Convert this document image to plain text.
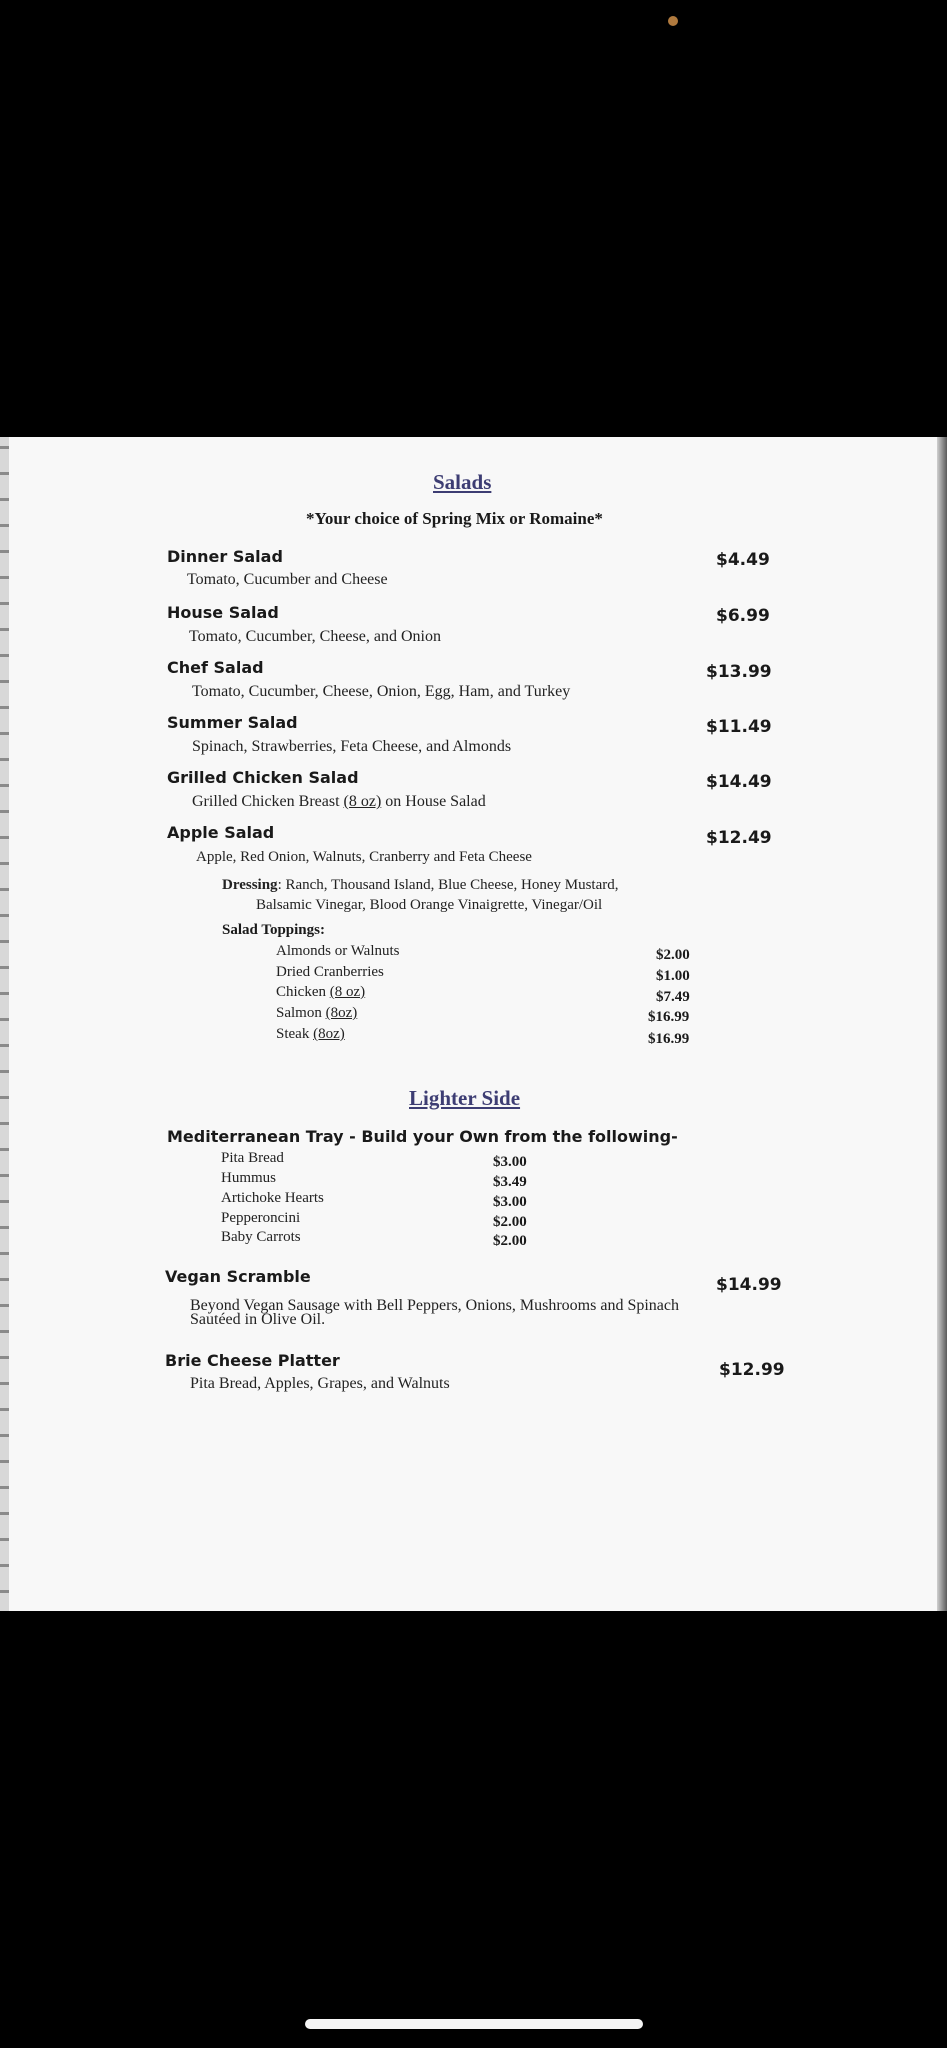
Salads
*Your choice of Spring Mix or Romaine*
Dinner Salad
Tomato, Cucumber and Cheese
$4.49
House Salad
Tomato, Cucumber, Cheese, and Onion
$6.99
Chef Salad
Tomato, Cucumber, Cheese, Onion, Egg, Ham, and Turkey
$13.99
Summer Salad
Spinach, Strawberries, Feta Cheese, and Almonds
$11.49
Grilled Chicken Salad
Grilled Chicken Breast (8 oz) on House Salad
$14.49
Apple Salad
Apple, Red Onion, Walnuts, Cranberry and Feta Cheese
$12.49
Dressing: Ranch, Thousand Island, Blue Cheese, Honey Mustard,
Balsamic Vinegar, Blood Orange Vinaigrette, Vinegar/Oil
Salad Toppings:
Almonds or Walnuts	$2.00
Dried Cranberries	$1.00
Chicken (8 oz)	$7.49
Salmon (8oz)	$16.99
Steak (8oz)	$16.99
Lighter Side
Mediterranean Tray - Build your Own from the following-
Pita Bread	$3.00
Hummus	$3.49
Artichoke Hearts	$3.00
Pepperoncini	$2.00
Baby Carrots	$2.00
Vegan Scramble
Beyond Vegan Sausage with Bell Peppers, Onions, Mushrooms and Spinach
Sautéed in Olive Oil.
$14.99
Brie Cheese Platter
Pita Bread, Apples, Grapes, and Walnuts
$12.99
